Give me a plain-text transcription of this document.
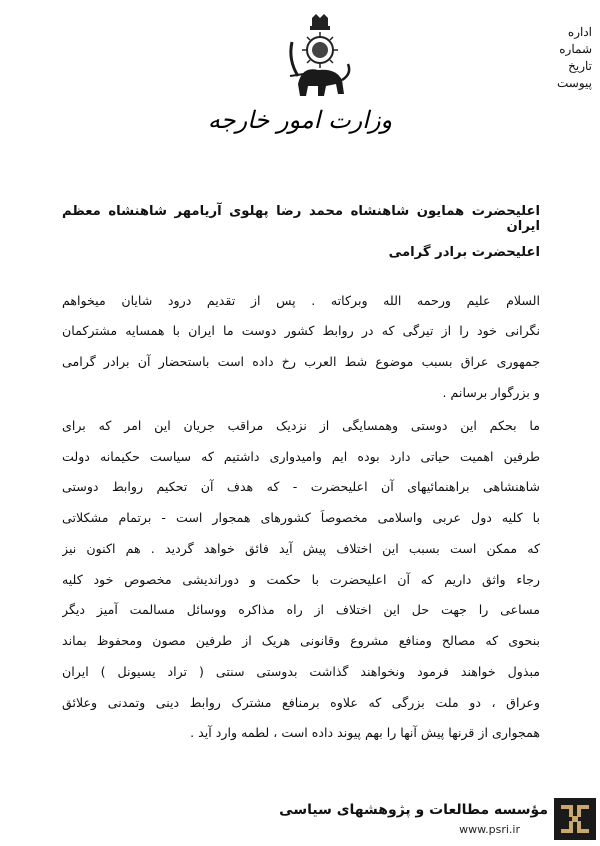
اداره
شماره
تاریخ
پیوست
وزارت امور خارجه
اعلیحضرت همایون شاهنشاه محمد رضا پهلوی آریامهر شاهنشاه معظم ایران
اعلیحضرت برادر گرامی
السلام علیم ورحمه الله وبرکاته . پس از تقدیم درود شایان میخواهم
نگرانی خود را از تیرگی که در روابط کشور دوست ما ایران با همسایه مشترکمان
جمهوری عراق بسبب موضوع شط العرب رخ داده است باستحضار آن برادر گرامی
و بزرگوار برسانم .
ما بحکم این دوستی وهمسایگی از نزدیک مراقب جریان این امر که برای
طرفین اهمیت حیاتی دارد بوده ایم وامیدواری داشتیم که سیاست حکیمانه دولت
شاهنشاهی براهنمائیهای آن اعلیحضرت - که هدف آن تحکیم روابط دوستی
با کلیه دول عربی واسلامی مخصوصاً کشورهای همجوار است - برتمام مشکلاتی
که ممکن است بسبب این اختلاف پیش آید فائق خواهد گردید . هم اکنون نیز
رجاء واثق داریم که آن اعلیحضرت با حکمت و دوراندیشی مخصوص خود کلیه
مساعی را جهت حل این اختلاف از راه مذاکره ووسائل مسالمت آمیز دیگر
بنحوی که مصالح ومنافع مشروع وقانونی هریک از طرفین مصون ومحفوظ بماند
مبذول خواهند فرمود ونخواهند گذاشت بدوستی سنتی ( تراد یسیونل ) ایران
وعراق ، دو ملت بزرگی که علاوه برمنافع مشترک روابط دینی وتمدنی وعلائق
همجواری از قرنها پیش آنها را بهم پیوند داده است ، لطمه وارد آید .
مؤسسه مطالعات و پژوهشهای سیاسی
www.psri.ir
